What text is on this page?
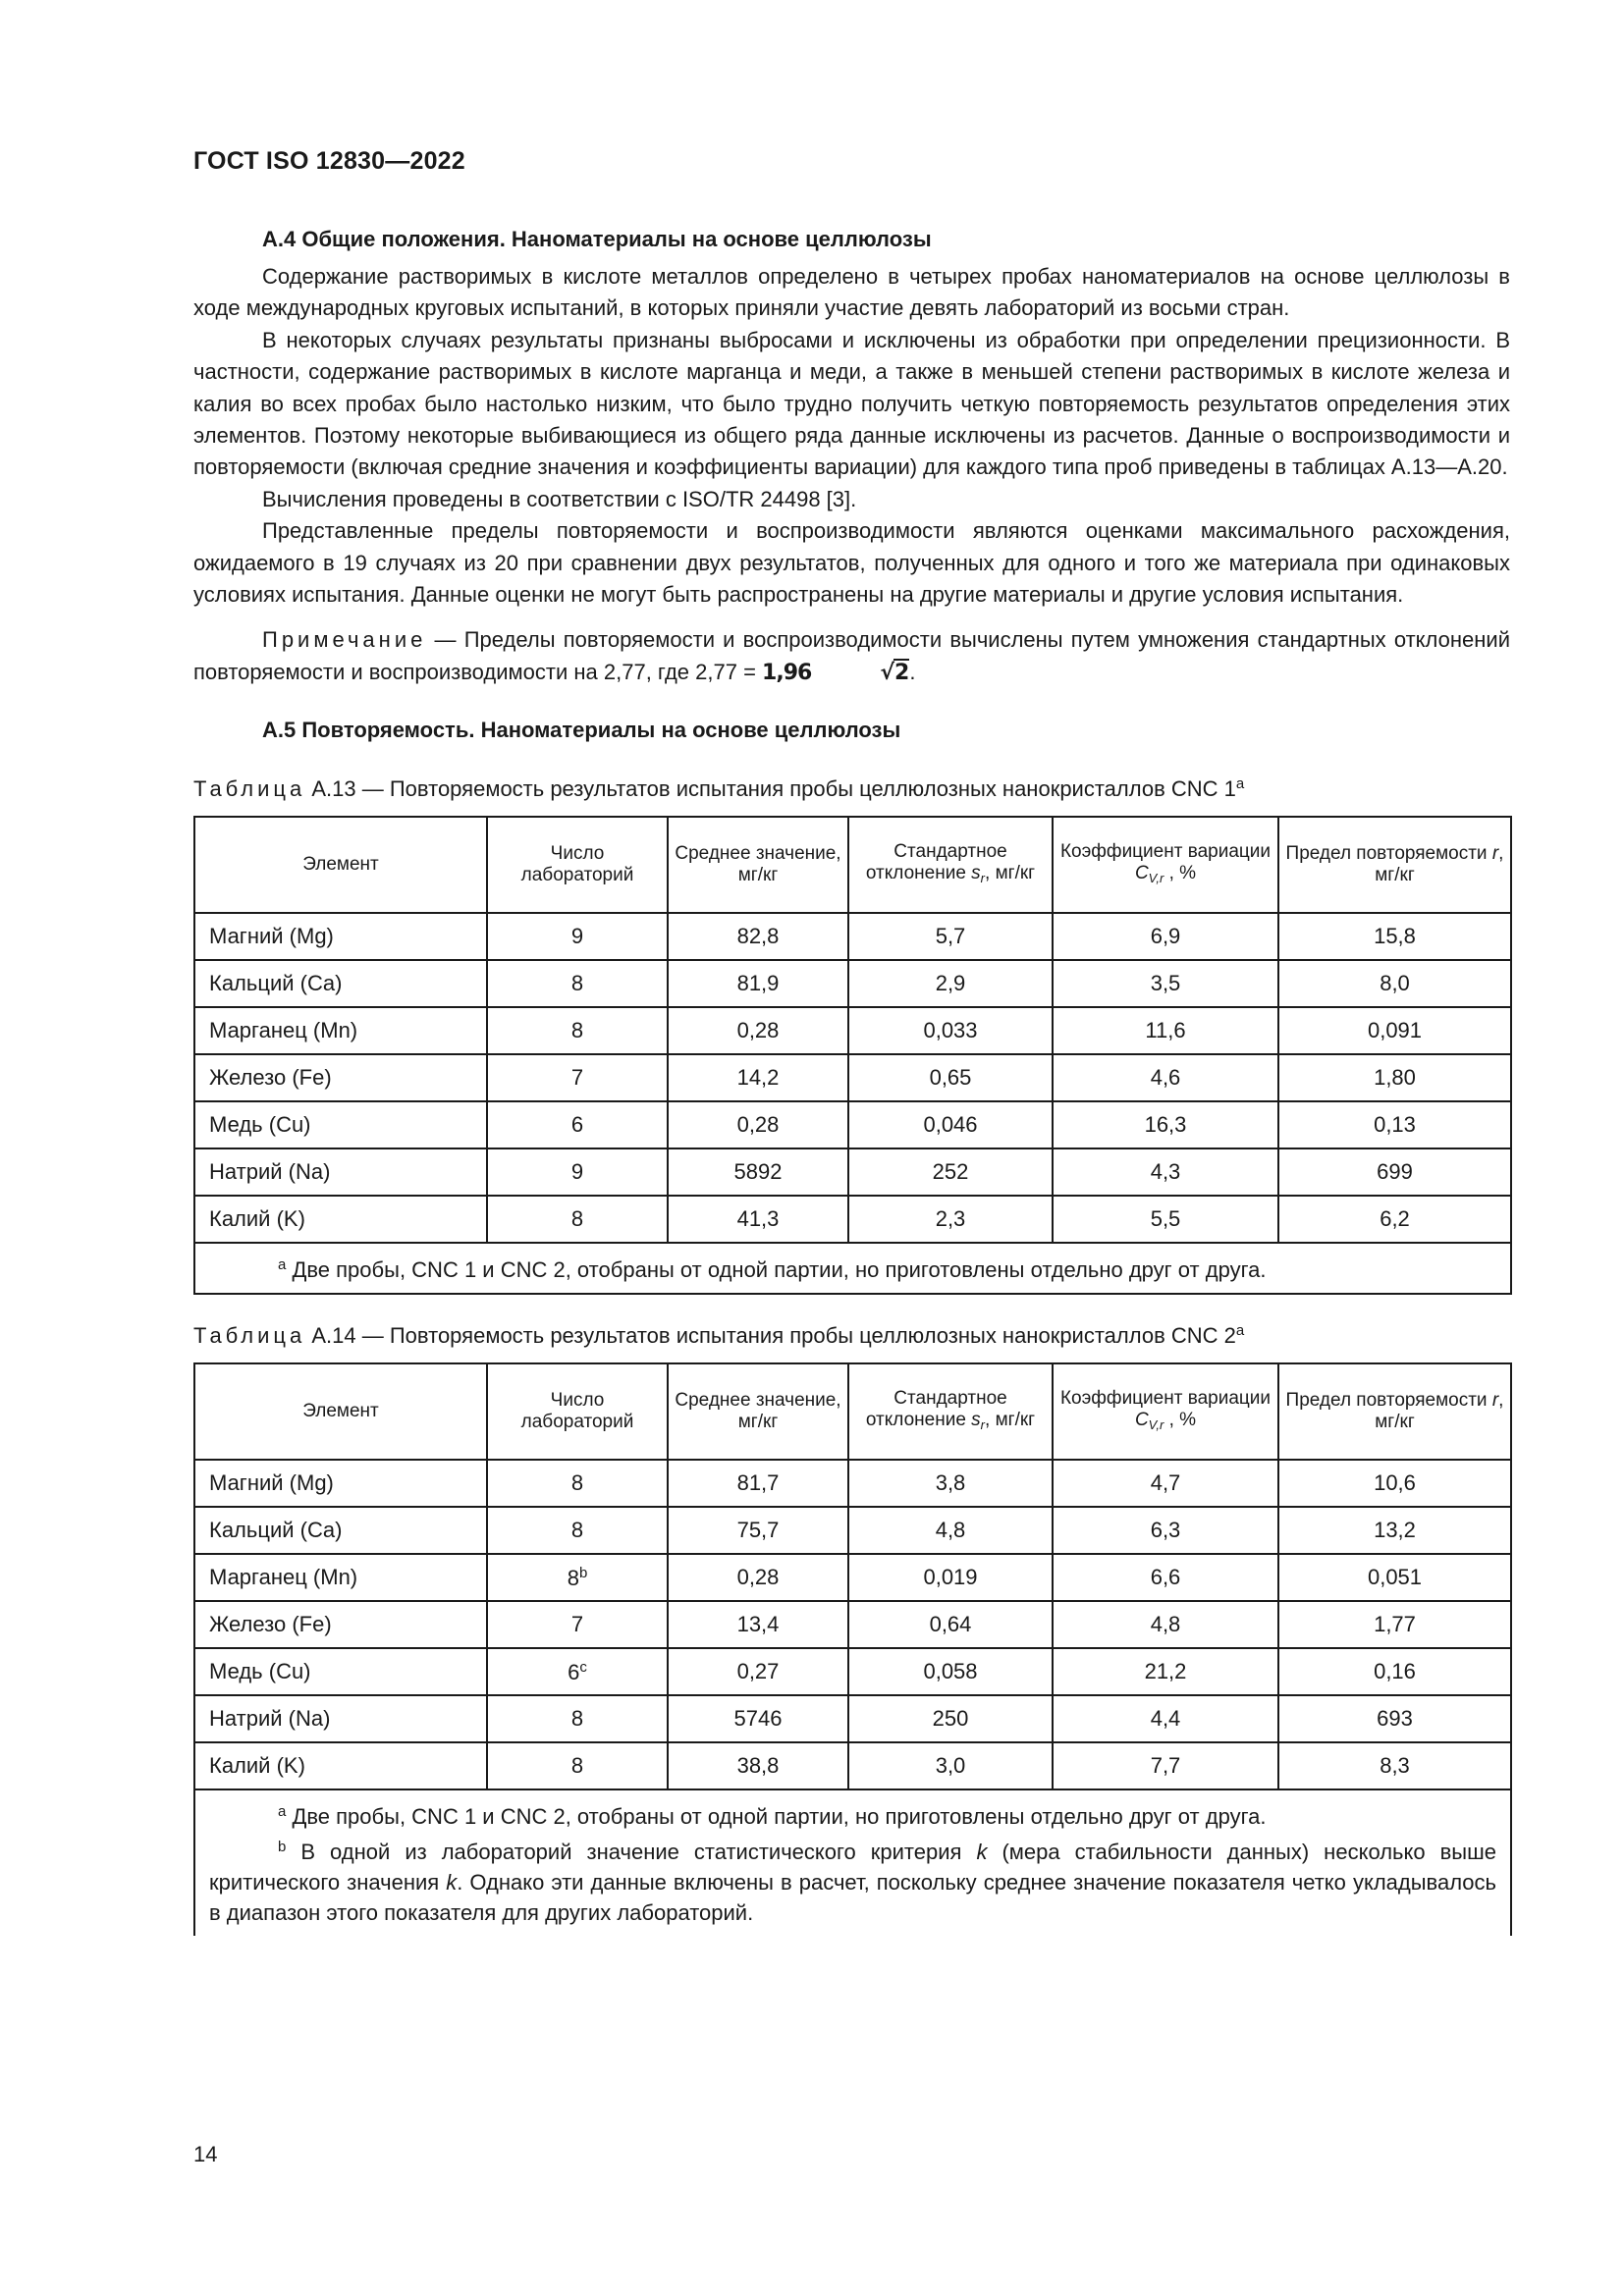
ГОСТ ISO 12830—2022
А.4 Общие положения. Наноматериалы на основе целлюлозы

Содержание растворимых в кислоте металлов определено в четырех пробах наноматериалов на основе целлюлозы в ходе международных круговых испытаний, в которых приняли участие девять лабораторий из восьми стран.

В некоторых случаях результаты признаны выбросами и исключены из обработки при определении прецизионности. В частности, содержание растворимых в кислоте марганца и меди, а также в меньшей степени растворимых в кислоте железа и калия во всех пробах было настолько низким, что было трудно получить четкую повторяемость результатов определения этих элементов. Поэтому некоторые выбивающиеся из общего ряда данные исключены из расчетов. Данные о воспроизводимости и повторяемости (включая средние значения и коэффициенты вариации) для каждого типа проб приведены в таблицах А.13—А.20.

Вычисления проведены в соответствии с ISO/TR 24498 [3].

Представленные пределы повторяемости и воспроизводимости являются оценками максимального расхождения, ожидаемого в 19 случаях из 20 при сравнении двух результатов, полученных для одного и того же материала при одинаковых условиях испытания. Данные оценки не могут быть распространены на другие материалы и другие условия испытания.

Примечание — Пределы повторяемости и воспроизводимости вычислены путем умножения стандартных отклонений повторяемости и воспроизводимости на 2,77, где 2,77 = 1,96	√2.

А.5 Повторяемость. Наноматериалы на основе целлюлозы
Таблица А.13 — Повторяемость результатов испытания пробы целлюлозных нанокристаллов CNC 1$^a$
Элемент	Число лабораторий	Среднее значение, мг/кг	Стандартное отклонение $s_r$, мг/кг	Коэффициент вариации $C_{V,r}$ , %	Предел повторяемости r, мг/кг
Магний (Mg)	9	82,8	5,7	6,9	15,8
Кальций (Ca)	8	81,9	2,9	3,5	8,0
Марганец (Mn)	8	0,28	0,033	11,6	0,091
Железо (Fe)	7	14,2	0,65	4,6	1,80
Медь (Cu)	6	0,28	0,046	16,3	0,13
Натрий (Na)	9	5892	252	4,3	699
Калий (K)	8	41,3	2,3	5,5	6,2

$^a$ Две пробы, CNC 1 и CNC 2, отобраны от одной партии, но приготовлены отдельно друг от друга.					
Таблица А.14 — Повторяемость результатов испытания пробы целлюлозных нанокристаллов CNC 2$^a$
Элемент	Число лабораторий	Среднее значение, мг/кг	Стандартное отклонение $s_r$, мг/кг	Коэффициент вариации $C_{V,r}$ , %	Предел повторяемости r, мг/кг
Магний (Mg)	8	81,7	3,8	4,7	10,6
Кальций (Ca)	8	75,7	4,8	6,3	13,2
Марганец (Mn)	8$^b$	0,28	0,019	6,6	0,051
Железо (Fe)	7	13,4	0,64	4,8	1,77
Медь (Cu)	6$^c$	0,27	0,058	21,2	0,16
Натрий (Na)	8	5746	250	4,4	693
Калий (K)	8	38,8	3,0	7,7	8,3

$^a$ Две пробы, CNC 1 и CNC 2, отобраны от одной партии, но приготовлены отдельно друг от друга.
$^b$ В одной из лабораторий значение статистического критерия k (мера стабильности данных) несколько выше критического значения k. Однако эти данные включены в расчет, поскольку среднее значение показателя четко укладывалось в диапазон этого показателя для других лабораторий.					
14
